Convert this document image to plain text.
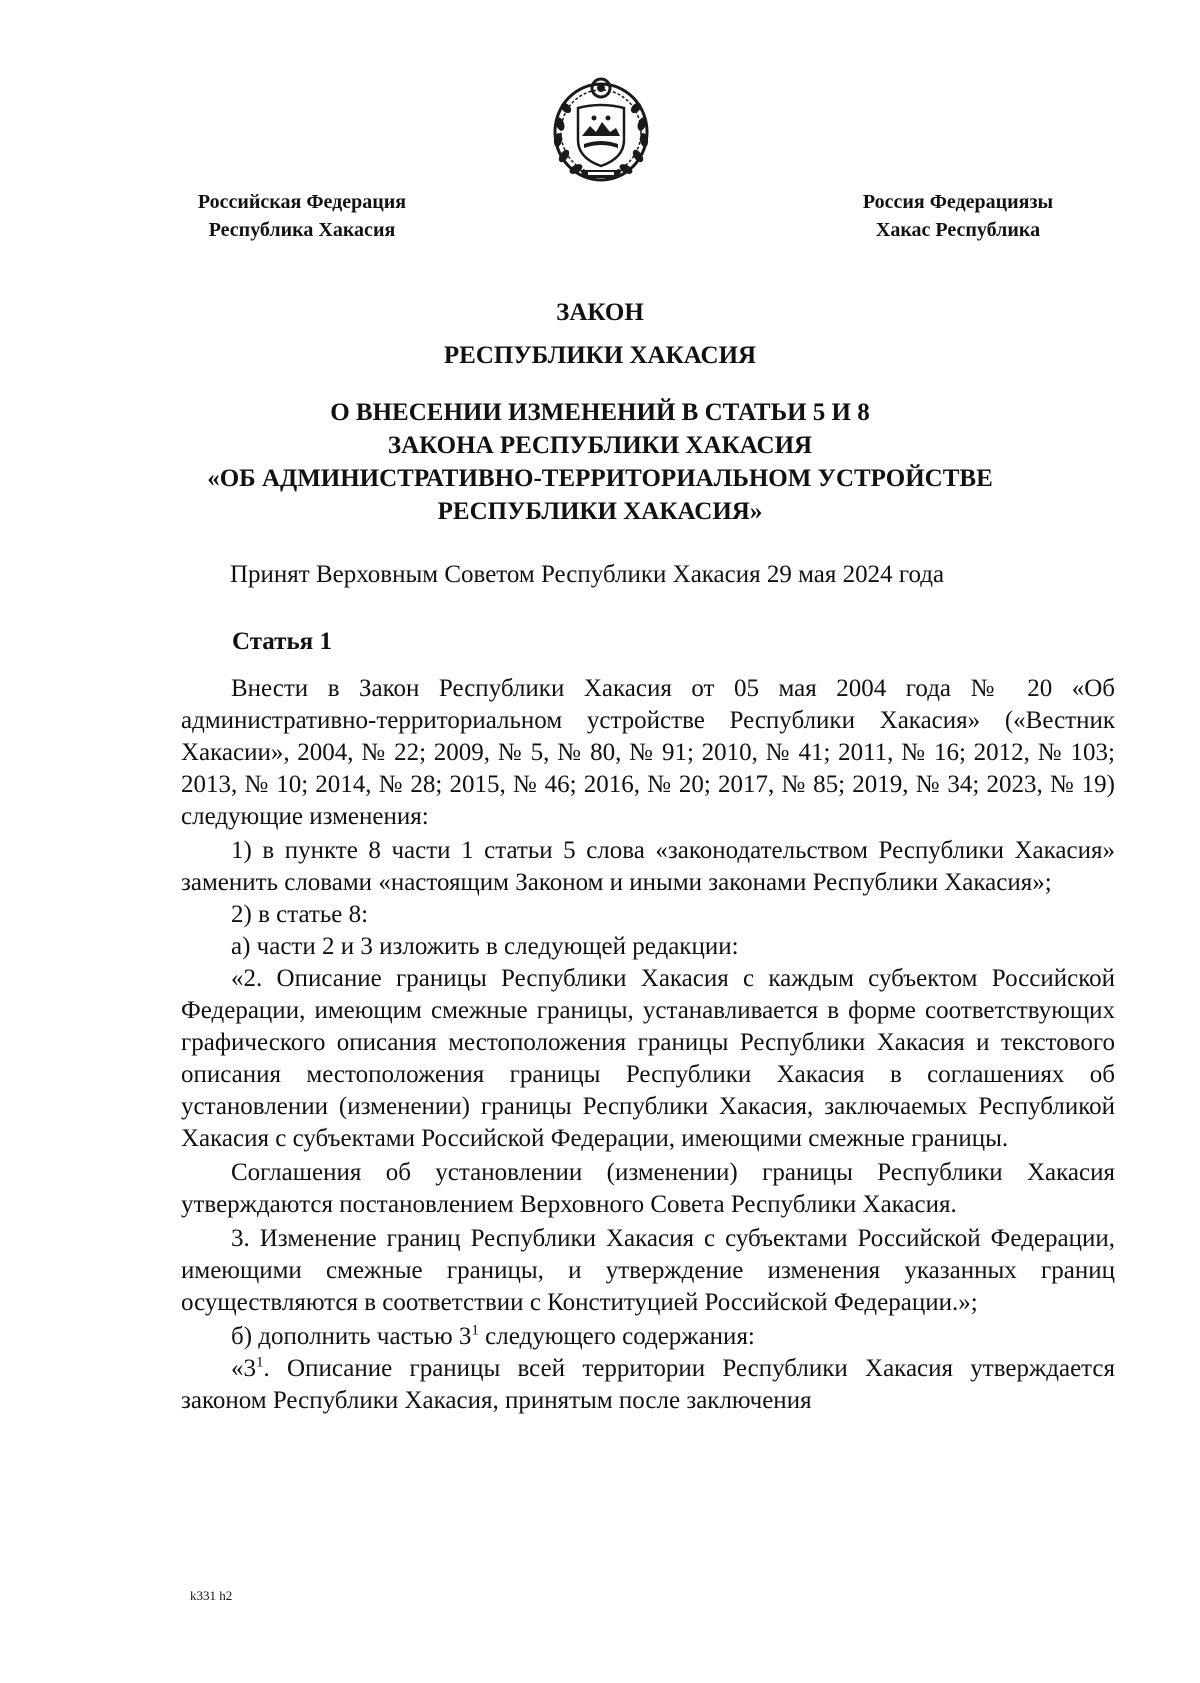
Российская Федерация
Республика Хакасия
Россия Федерациязы
Хакас Республика
ЗАКОН
РЕСПУБЛИКИ ХАКАСИЯ
О ВНЕСЕНИИ ИЗМЕНЕНИЙ В СТАТЬИ 5 И 8
ЗАКОНА РЕСПУБЛИКИ ХАКАСИЯ
«ОБ АДМИНИСТРАТИВНО-ТЕРРИТОРИАЛЬНОМ УСТРОЙСТВЕ
РЕСПУБЛИКИ ХАКАСИЯ»
Принят Верховным Советом Республики Хакасия 29 мая 2024 года
Статья 1

Внести в Закон Республики Хакасия от 05 мая 2004 года № 20 «Об административно-территориальном устройстве Республики Хакасия» («Вестник Хакасии», 2004, № 22; 2009, № 5, № 80, № 91; 2010, № 41; 2011, № 16; 2012, № 103; 2013, № 10; 2014, № 28; 2015, № 46; 2016, № 20; 2017, № 85; 2019, № 34; 2023, № 19) следующие изменения:

1) в пункте 8 части 1 статьи 5 слова «законодательством Республики Хакасия» заменить словами «настоящим Законом и иными законами Республики Хакасия»;

2) в статье 8:

а) части 2 и 3 изложить в следующей редакции:

«2. Описание границы Республики Хакасия с каждым субъектом Российской Федерации, имеющим смежные границы, устанавливается в форме соответствующих графического описания местоположения границы Республики Хакасия и текстового описания местоположения границы Республики Хакасия в соглашениях об установлении (изменении) границы Республики Хакасия, заключаемых Республикой Хакасия с субъектами Российской Федерации, имеющими смежные границы.

Соглашения об установлении (изменении) границы Республики Хакасия утверждаются постановлением Верховного Совета Республики Хакасия.

3. Изменение границ Республики Хакасия с субъектами Российской Федерации, имеющими смежные границы, и утверждение изменения указанных границ осуществляются в соответствии с Конституцией Российской Федерации.»;

б) дополнить частью $3^1$ следующего содержания:

«$3^1$. Описание границы всей территории Республики Хакасия утверждается законом Республики Хакасия, принятым после заключения

k331 h2
